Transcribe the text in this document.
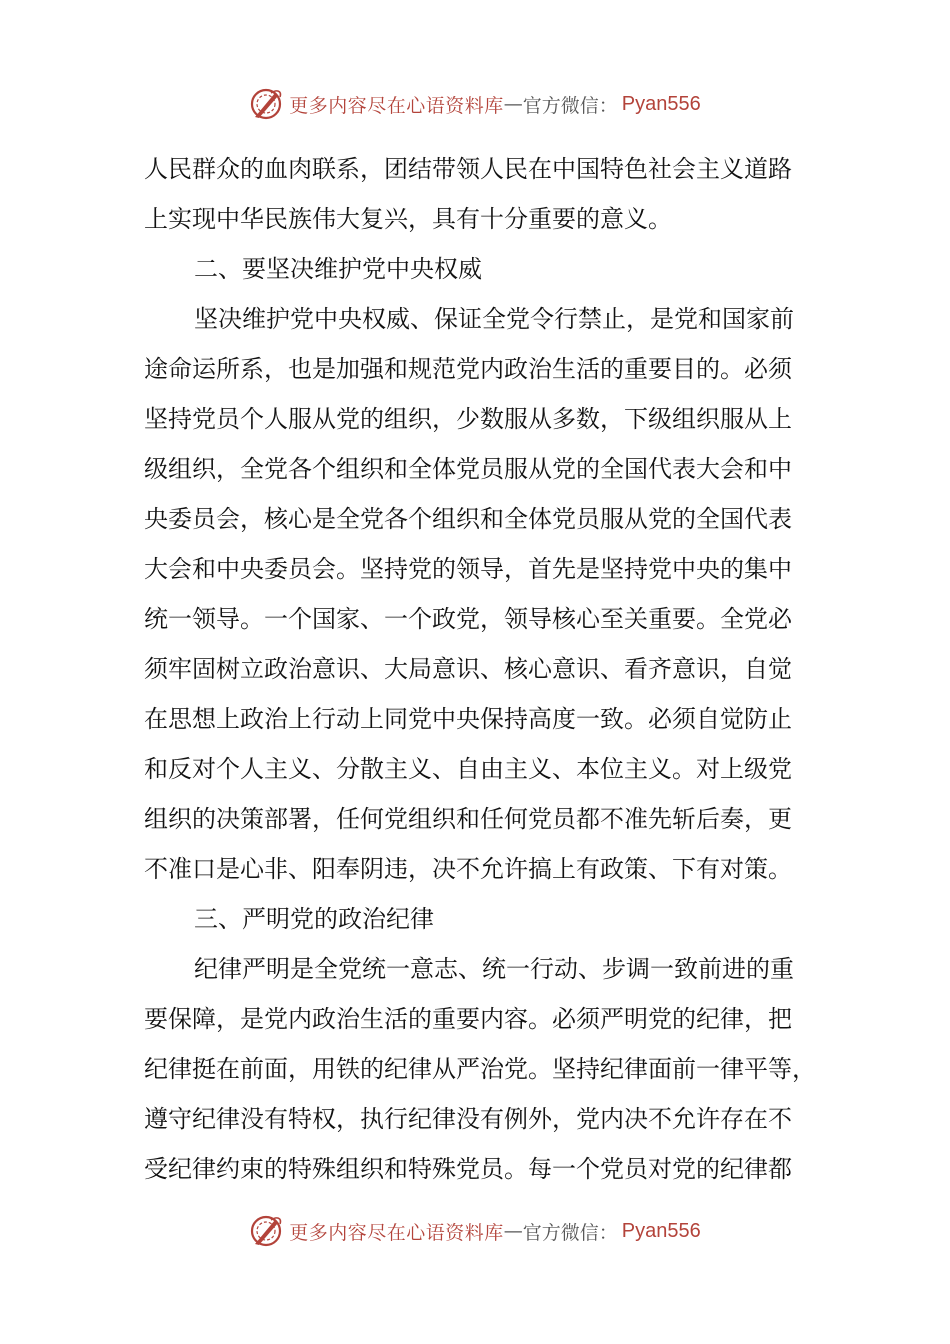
更多内容尽在心语资料库 — 官方微信： Pyan556
人民群众的血肉联系，团结带领人民在中国特色社会主义道路
上实现中华民族伟大复兴，具有十分重要的意义。
二、要坚决维护党中央权威
坚决维护党中央权威、保证全党令行禁止，是党和国家前
途命运所系，也是加强和规范党内政治生活的重要目的。必须
坚持党员个人服从党的组织，少数服从多数，下级组织服从上
级组织，全党各个组织和全体党员服从党的全国代表大会和中
央委员会，核心是全党各个组织和全体党员服从党的全国代表
大会和中央委员会。坚持党的领导，首先是坚持党中央的集中
统一领导。一个国家、一个政党，领导核心至关重要。全党必
须牢固树立政治意识、大局意识、核心意识、看齐意识，自觉
在思想上政治上行动上同党中央保持高度一致。必须自觉防止
和反对个人主义、分散主义、自由主义、本位主义。对上级党
组织的决策部署，任何党组织和任何党员都不准先斩后奏，更
不准口是心非、阳奉阴违，决不允许搞上有政策、下有对策。
三、严明党的政治纪律
纪律严明是全党统一意志、统一行动、步调一致前进的重
要保障，是党内政治生活的重要内容。必须严明党的纪律，把
纪律挺在前面，用铁的纪律从严治党。坚持纪律面前一律平等，
遵守纪律没有特权，执行纪律没有例外，党内决不允许存在不
受纪律约束的特殊组织和特殊党员。每一个党员对党的纪律都
更多内容尽在心语资料库 — 官方微信： Pyan556
